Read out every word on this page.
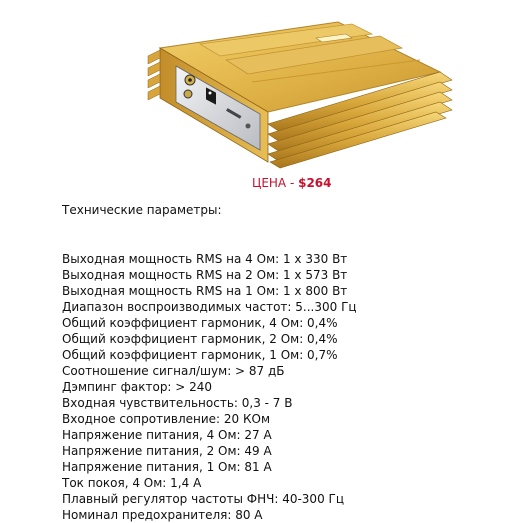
ЦЕНА - $264
Технические параметры:
Выходная мощность RMS на 4 Ом: 1 x 330 Вт
Выходная мощность RMS на 2 Ом: 1 x 573 Вт
Выходная мощность RMS на 1 Ом: 1 x 800 Вт
Диапазон воспроизводимых частот: 5...300 Гц
Общий коэффициент гармоник, 4 Ом: 0,4%
Общий коэффициент гармоник, 2 Ом: 0,4%
Общий коэффициент гармоник, 1 Ом: 0,7%
Соотношение сигнал/шум: > 87 дБ
Дэмпинг фактор: > 240
Входная чувствительность: 0,3 - 7 В
Входное сопротивление: 20 КОм
Напряжение питания, 4 Ом: 27 А
Напряжение питания, 2 Ом: 49 А
Напряжение питания, 1 Ом: 81 А
Ток покоя, 4 Ом: 1,4 А
Плавный регулятор частоты ФНЧ: 40-300 Гц
Номинал предохранителя: 80 А
